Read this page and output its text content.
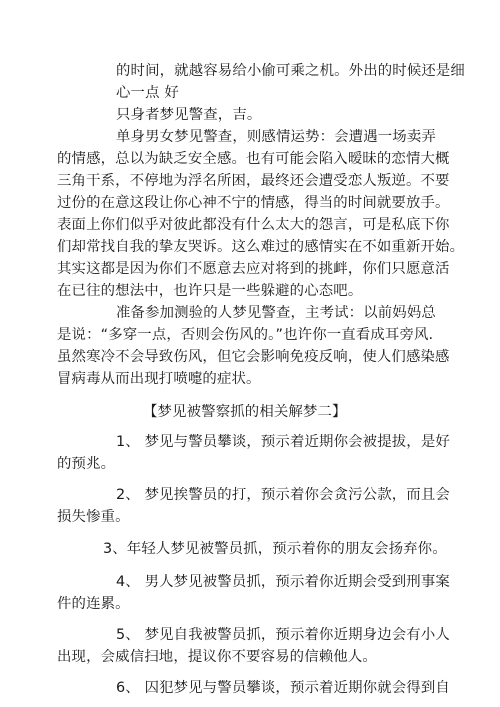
的时间，就越容易给小偷可乘之机。外出的时候还是细
心一点 好
只身者梦见警查，吉。
单身男女梦见警查，则感情运势：会遭遇一场卖弄
的情感，总以为缺乏安全感。也有可能会陷入暧昧的恋情大概
三角干系，不停地为浮名所困，最终还会遭受恋人叛逆。不要
过份的在意这段让你心神不宁的情感，得当的时间就要放手。
表面上你们似乎对彼此都没有什么太大的怨言，可是私底下你
们却常找自我的挚友哭诉。这么难过的感情实在不如重新开始。
其实这都是因为你们不愿意去应对将到的挑衅，你们只愿意活
在已往的想法中，也许只是一些躲避的心态吧。
准备参加测验的人梦见警查，主考试：以前妈妈总
是说：“多穿一点，否则会伤风的。”也许你一直看成耳旁风.
虽然寒冷不会导致伤风，但它会影响免疫反响，使人们感染感
冒病毒从而出现打喷嚏的症状。
【梦见被警察抓的相关解梦二】
1、 梦见与警员攀谈，预示着近期你会被提拔，是好
的预兆。
2、 梦见挨警员的打，预示着你会贪污公款，而且会
损失惨重。
3、年轻人梦见被警员抓，预示着你的朋友会扬弃你。
4、 男人梦见被警员抓，预示着你近期会受到刑事案
件的连累。
5、 梦见自我被警员抓，预示着你近期身边会有小人
出现，会威信扫地，提议你不要容易的信赖他人。
6、 囚犯梦见与警员攀谈，预示着近期你就会得到自
